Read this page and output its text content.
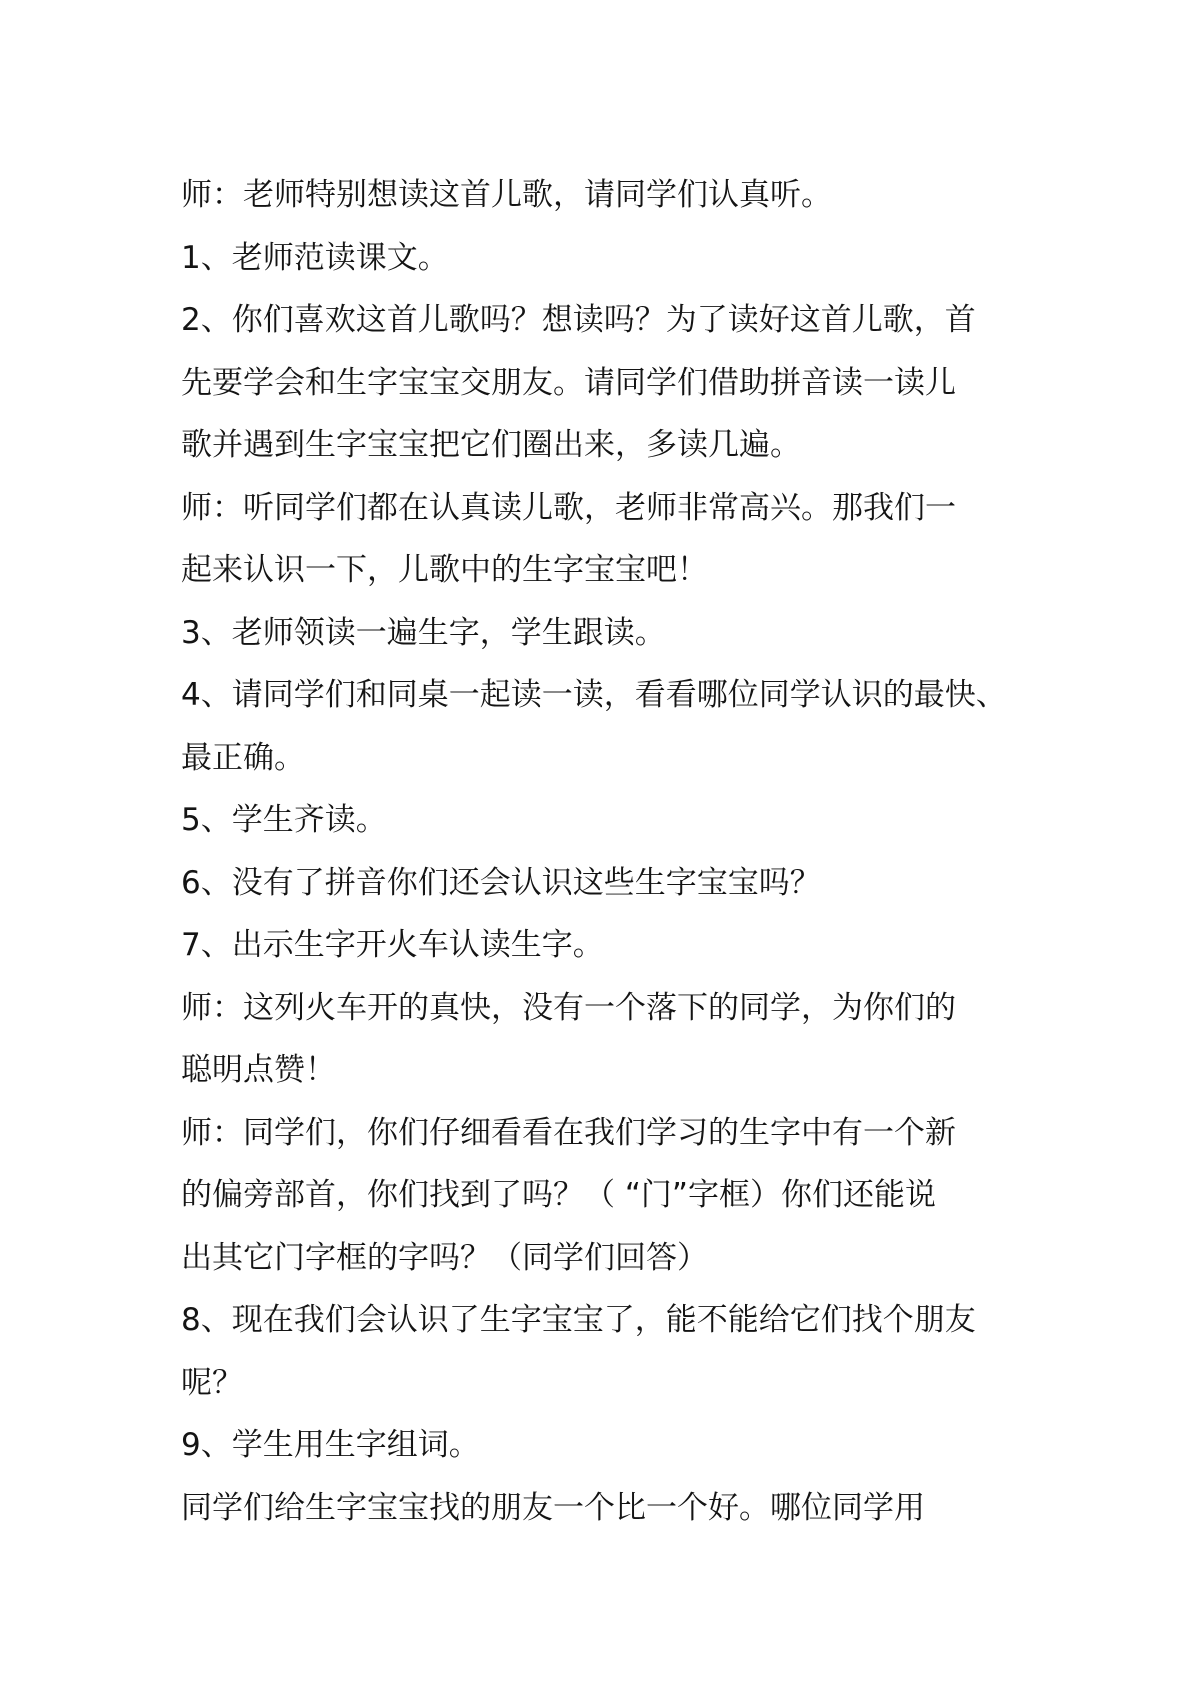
师：老师特别想读这首儿歌，请同学们认真听。
1、老师范读课文。
2、你们喜欢这首儿歌吗？想读吗？为了读好这首儿歌，首
先要学会和生字宝宝交朋友。请同学们借助拼音读一读儿
歌并遇到生字宝宝把它们圈出来，多读几遍。
师：听同学们都在认真读儿歌，老师非常高兴。那我们一
起来认识一下，儿歌中的生字宝宝吧！
3、老师领读一遍生字，学生跟读。
4、请同学们和同桌一起读一读，看看哪位同学认识的最快、
最正确。
5、学生齐读。
6、没有了拼音你们还会认识这些生字宝宝吗？
7、出示生字开火车认读生字。
师：这列火车开的真快，没有一个落下的同学，为你们的
聪明点赞！
师：同学们，你们仔细看看在我们学习的生字中有一个新
的偏旁部首，你们找到了吗？（ “门”字框）你们还能说
出其它门字框的字吗？（同学们回答）
8、现在我们会认识了生字宝宝了，能不能给它们找个朋友
呢？
9、学生用生字组词。
同学们给生字宝宝找的朋友一个比一个好。哪位同学用
